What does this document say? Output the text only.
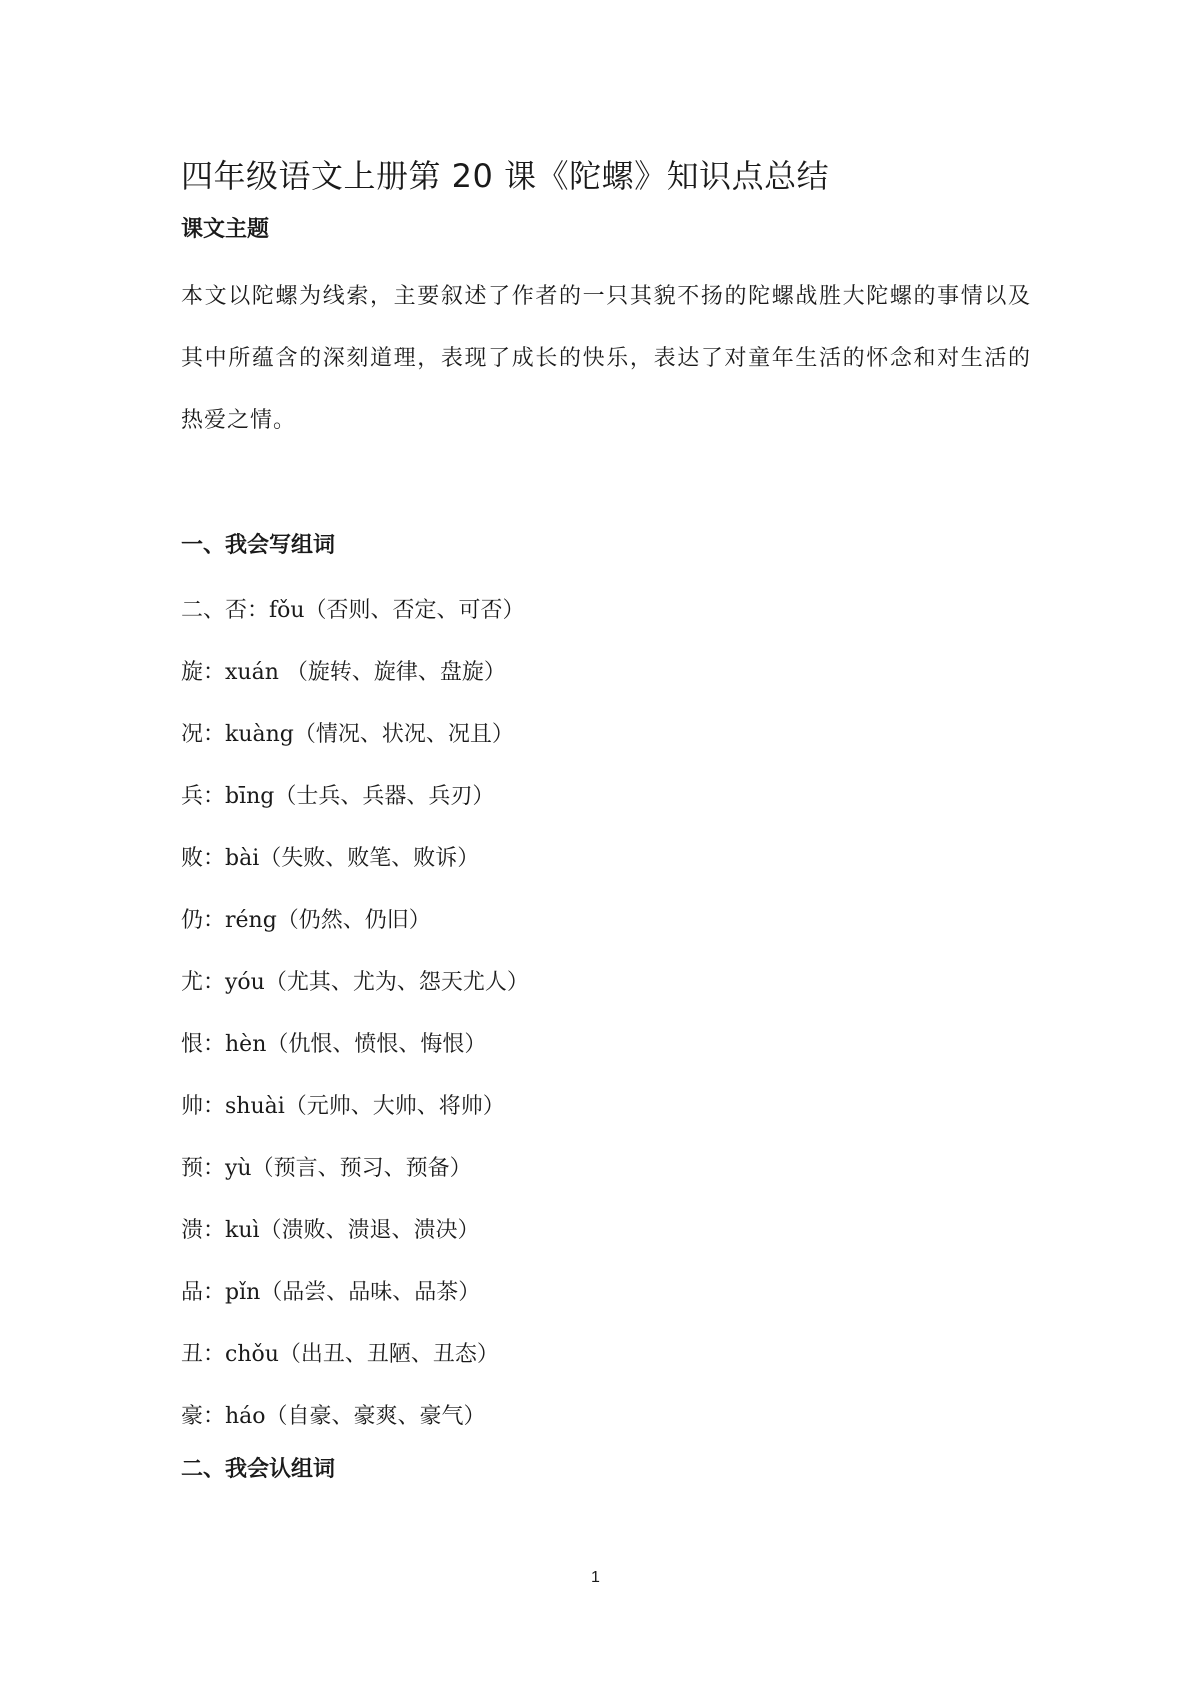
四年级语文上册第 20 课《陀螺》知识点总结
课文主题

本文以陀螺为线索，主要叙述了作者的一只其貌不扬的陀螺战胜大陀螺的事情以及其中所蕴含的深刻道理，表现了成长的快乐，表达了对童年生活的怀念和对生活的热爱之情。

一、我会写组词
二、否：fǒu（否则、否定、可否）
旋：xuán （旋转、旋律、盘旋）
况：kuàng（情况、状况、况且）
兵：bīng（士兵、兵器、兵刃）
败：bài（失败、败笔、败诉）
仍：réng（仍然、仍旧）
尤：yóu（尤其、尤为、怨天尤人）
恨：hèn（仇恨、愤恨、悔恨）
帅：shuài（元帅、大帅、将帅）
预：yù（预言、预习、预备）
溃：kuì（溃败、溃退、溃决）
品：pǐn（品尝、品味、品茶）
丑：chǒu（出丑、丑陋、丑态）
豪：háo（自豪、豪爽、豪气）
二、我会认组词
1
